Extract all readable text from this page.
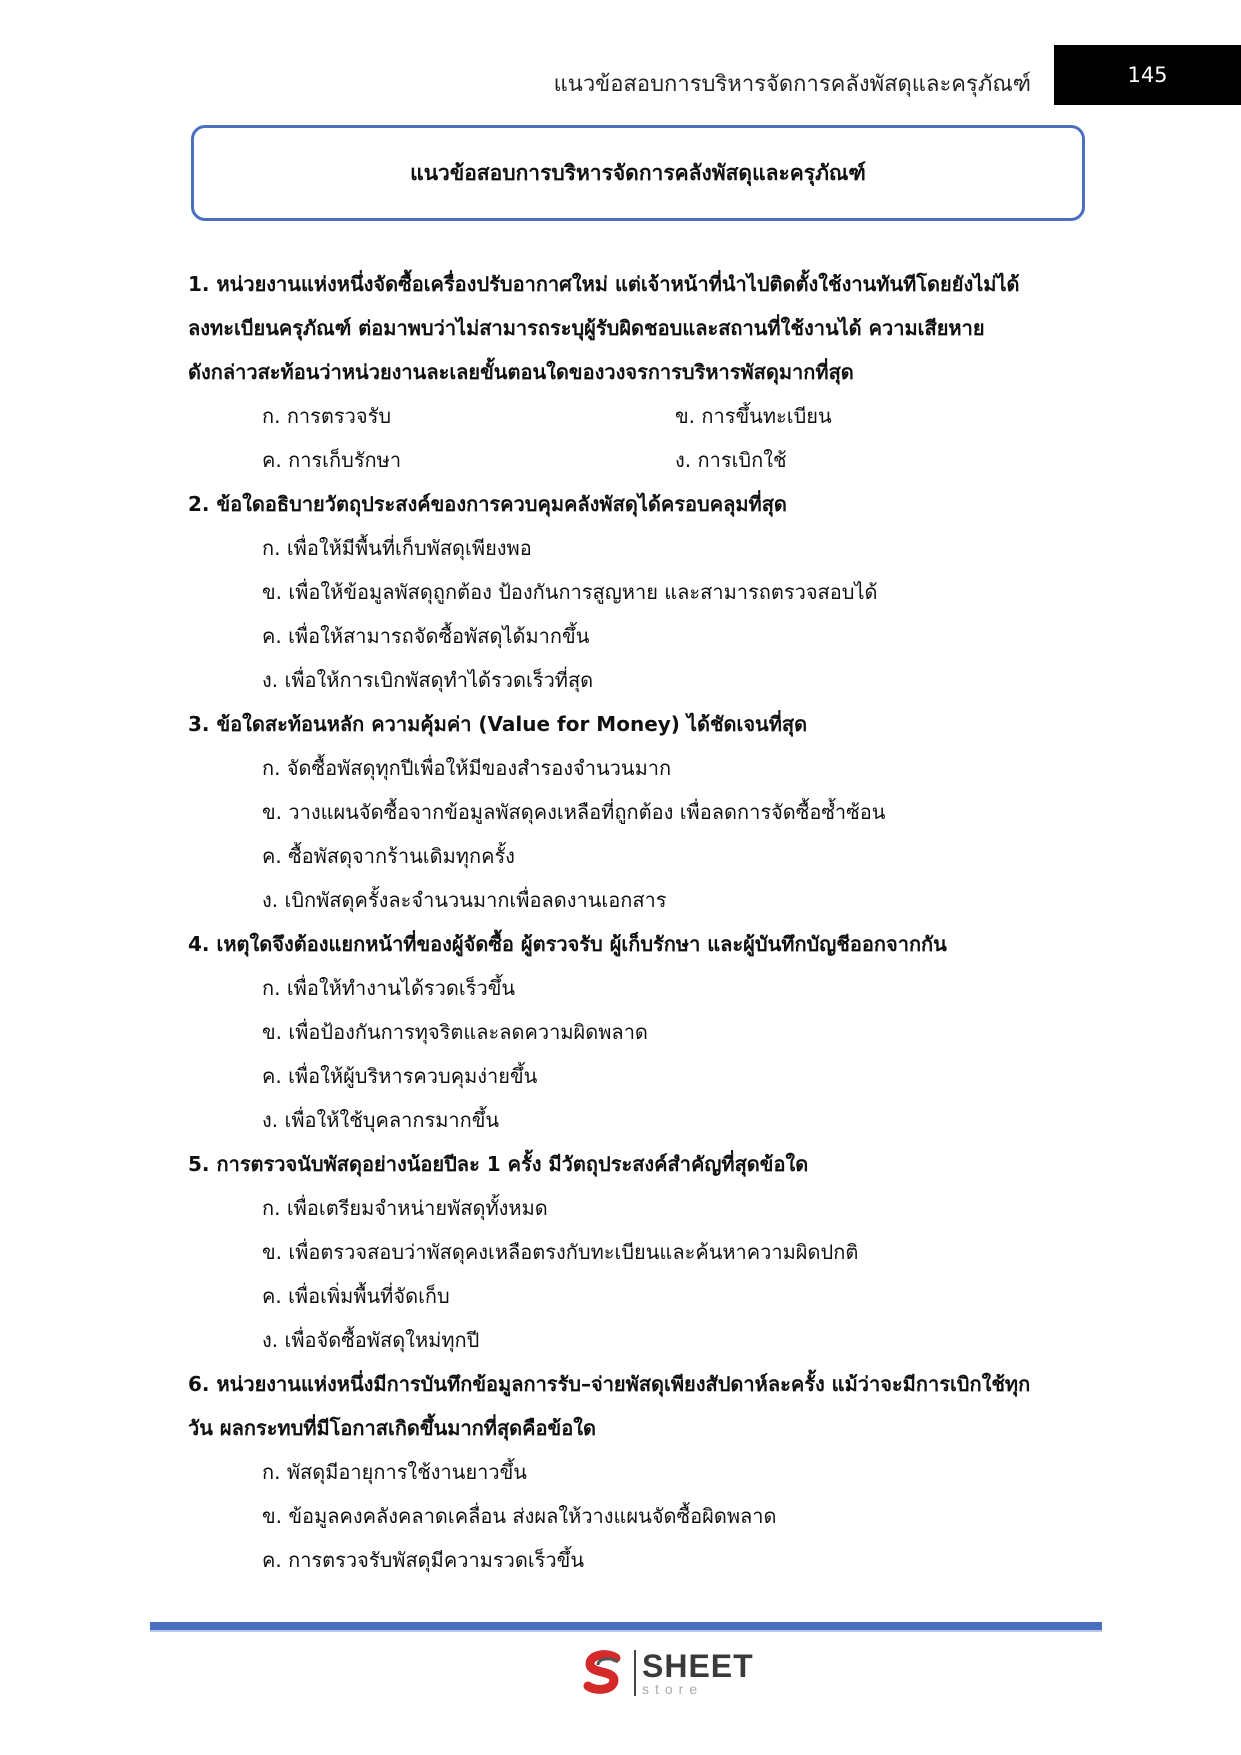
แนวข้อสอบการบริหารจัดการคลังพัสดุและครุภัณฑ์	145
แนวข้อสอบการบริหารจัดการคลังพัสดุและครุภัณฑ์
1. หน่วยงานแห่งหนึ่งจัดซื้อเครื่องปรับอากาศใหม่ แต่เจ้าหน้าที่นำไปติดตั้งใช้งานทันทีโดยยังไม่ได้
ลงทะเบียนครุภัณฑ์ ต่อมาพบว่าไม่สามารถระบุผู้รับผิดชอบและสถานที่ใช้งานได้ ความเสียหาย
ดังกล่าวสะท้อนว่าหน่วยงานละเลยขั้นตอนใดของวงจรการบริหารพัสดุมากที่สุด
ก. การตรวจรับ	ข. การขึ้นทะเบียน
ค. การเก็บรักษา	ง. การเบิกใช้
2. ข้อใดอธิบายวัตถุประสงค์ของการควบคุมคลังพัสดุได้ครอบคลุมที่สุด
ก. เพื่อให้มีพื้นที่เก็บพัสดุเพียงพอ
ข. เพื่อให้ข้อมูลพัสดุถูกต้อง ป้องกันการสูญหาย และสามารถตรวจสอบได้
ค. เพื่อให้สามารถจัดซื้อพัสดุได้มากขึ้น
ง. เพื่อให้การเบิกพัสดุทำได้รวดเร็วที่สุด
3. ข้อใดสะท้อนหลัก ความคุ้มค่า (Value for Money) ได้ชัดเจนที่สุด
ก. จัดซื้อพัสดุทุกปีเพื่อให้มีของสำรองจำนวนมาก
ข. วางแผนจัดซื้อจากข้อมูลพัสดุคงเหลือที่ถูกต้อง เพื่อลดการจัดซื้อซ้ำซ้อน
ค. ซื้อพัสดุจากร้านเดิมทุกครั้ง
ง. เบิกพัสดุครั้งละจำนวนมากเพื่อลดงานเอกสาร
4. เหตุใดจึงต้องแยกหน้าที่ของผู้จัดซื้อ ผู้ตรวจรับ ผู้เก็บรักษา และผู้บันทึกบัญชีออกจากกัน
ก. เพื่อให้ทำงานได้รวดเร็วขึ้น
ข. เพื่อป้องกันการทุจริตและลดความผิดพลาด
ค. เพื่อให้ผู้บริหารควบคุมง่ายขึ้น
ง. เพื่อให้ใช้บุคลากรมากขึ้น
5. การตรวจนับพัสดุอย่างน้อยปีละ 1 ครั้ง มีวัตถุประสงค์สำคัญที่สุดข้อใด
ก. เพื่อเตรียมจำหน่ายพัสดุทั้งหมด
ข. เพื่อตรวจสอบว่าพัสดุคงเหลือตรงกับทะเบียนและค้นหาความผิดปกติ
ค. เพื่อเพิ่มพื้นที่จัดเก็บ
ง. เพื่อจัดซื้อพัสดุใหม่ทุกปี
6. หน่วยงานแห่งหนึ่งมีการบันทึกข้อมูลการรับ–จ่ายพัสดุเพียงสัปดาห์ละครั้ง แม้ว่าจะมีการเบิกใช้ทุก
วัน ผลกระทบที่มีโอกาสเกิดขึ้นมากที่สุดคือข้อใด
ก. พัสดุมีอายุการใช้งานยาวขึ้น
ข. ข้อมูลคงคลังคลาดเคลื่อน ส่งผลให้วางแผนจัดซื้อผิดพลาด
ค. การตรวจรับพัสดุมีความรวดเร็วขึ้น
SHEET
store
